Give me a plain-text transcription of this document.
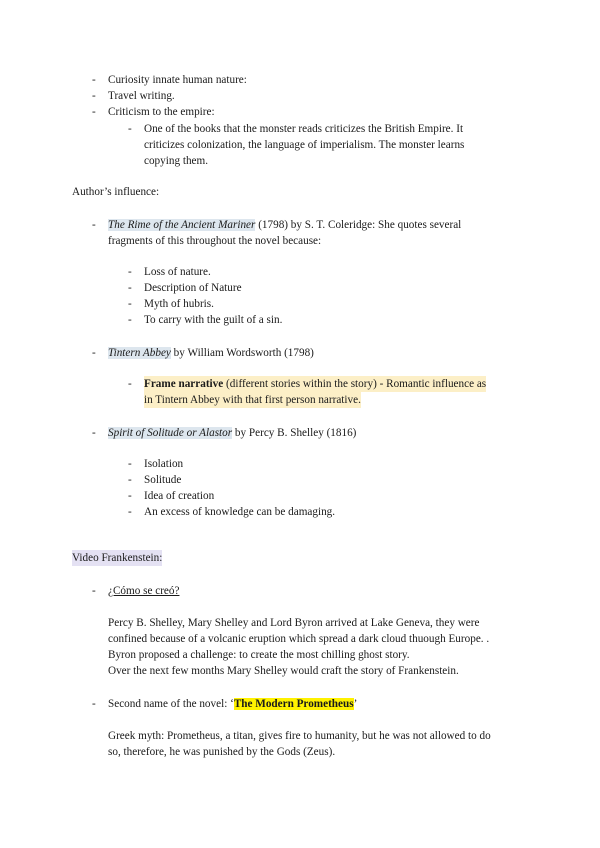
- Curiosity innate human nature:
- Travel writing.
- Criticism to the empire:
- One of the books that the monster reads criticizes the British Empire. It
criticizes colonization, the language of imperialism. The monster learns
copying them.
Author’s influence:
- The Rime of the Ancient Mariner (1798) by S. T. Coleridge: She quotes several
fragments of this throughout the novel because:
- Loss of nature.
- Description of Nature
- Myth of hubris.
- To carry with the guilt of a sin.
- Tintern Abbey by William Wordsworth (1798)
- Frame narrative (different stories within the story) - Romantic influence as
in Tintern Abbey with that first person narrative.
- Spirit of Solitude or Alastor by Percy B. Shelley (1816)
- Isolation
- Solitude
- Idea of creation
- An excess of knowledge can be damaging.
Video Frankenstein:
- ¿Cómo se creó?
Percy B. Shelley, Mary Shelley and Lord Byron arrived at Lake Geneva, they were
confined because of a volcanic eruption which spread a dark cloud thuough Europe. .
Byron proposed a challenge: to create the most chilling ghost story.
Over the next few months Mary Shelley would craft the story of Frankenstein.
- Second name of the novel: ‘The Modern Prometheus’
Greek myth: Prometheus, a titan, gives fire to humanity, but he was not allowed to do
so, therefore, he was punished by the Gods (Zeus).
